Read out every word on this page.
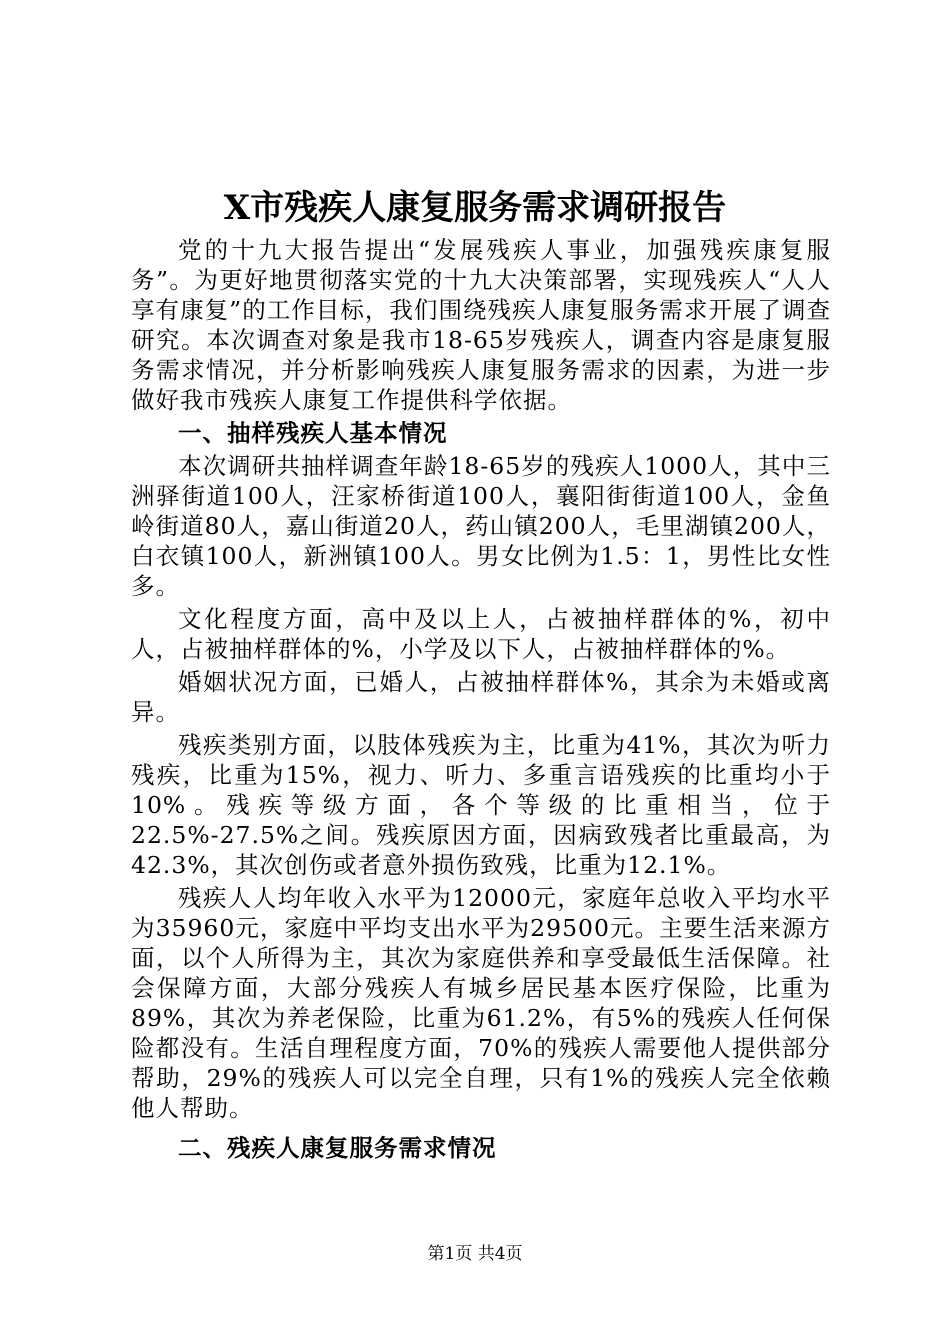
X市残疾人康复服务需求调研报告

党的十九大报告提出“发展残疾人事业，加强残疾康复服务”。为更好地贯彻落实党的十九大决策部署，实现残疾人“人人享有康复”的工作目标，我们围绕残疾人康复服务需求开展了调查研究。本次调查对象是我市18-65岁残疾人，调查内容是康复服务需求情况，并分析影响残疾人康复服务需求的因素，为进一步做好我市残疾人康复工作提供科学依据。

一、抽样残疾人基本情况

本次调研共抽样调查年龄18-65岁的残疾人1000人，其中三洲驿街道100人，汪家桥街道100人，襄阳街街道100人，金鱼岭街道80人，嘉山街道20人，药山镇200人，毛里湖镇200人，白衣镇100人，新洲镇100人。男女比例为1.5：1，男性比女性多。

文化程度方面，高中及以上人，占被抽样群体的%，初中人，占被抽样群体的%，小学及以下人，占被抽样群体的%。

婚姻状况方面，已婚人，占被抽样群体%，其余为未婚或离异。

残疾类别方面，以肢体残疾为主，比重为41%，其次为听力残疾，比重为15%，视力、听力、多重言语残疾的比重均小于10%。残疾等级方面，各个等级的比重相当，位于22.5%-27.5%之间。残疾原因方面，因病致残者比重最高，为42.3%，其次创伤或者意外损伤致残，比重为12.1%。

残疾人人均年收入水平为12000元，家庭年总收入平均水平为35960元，家庭中平均支出水平为29500元。主要生活来源方面，以个人所得为主，其次为家庭供养和享受最低生活保障。社会保障方面，大部分残疾人有城乡居民基本医疗保险，比重为89%，其次为养老保险，比重为61.2%，有5%的残疾人任何保险都没有。生活自理程度方面，70%的残疾人需要他人提供部分帮助，29%的残疾人可以完全自理，只有1%的残疾人完全依赖他人帮助。

二、残疾人康复服务需求情况

第1页 共4页
